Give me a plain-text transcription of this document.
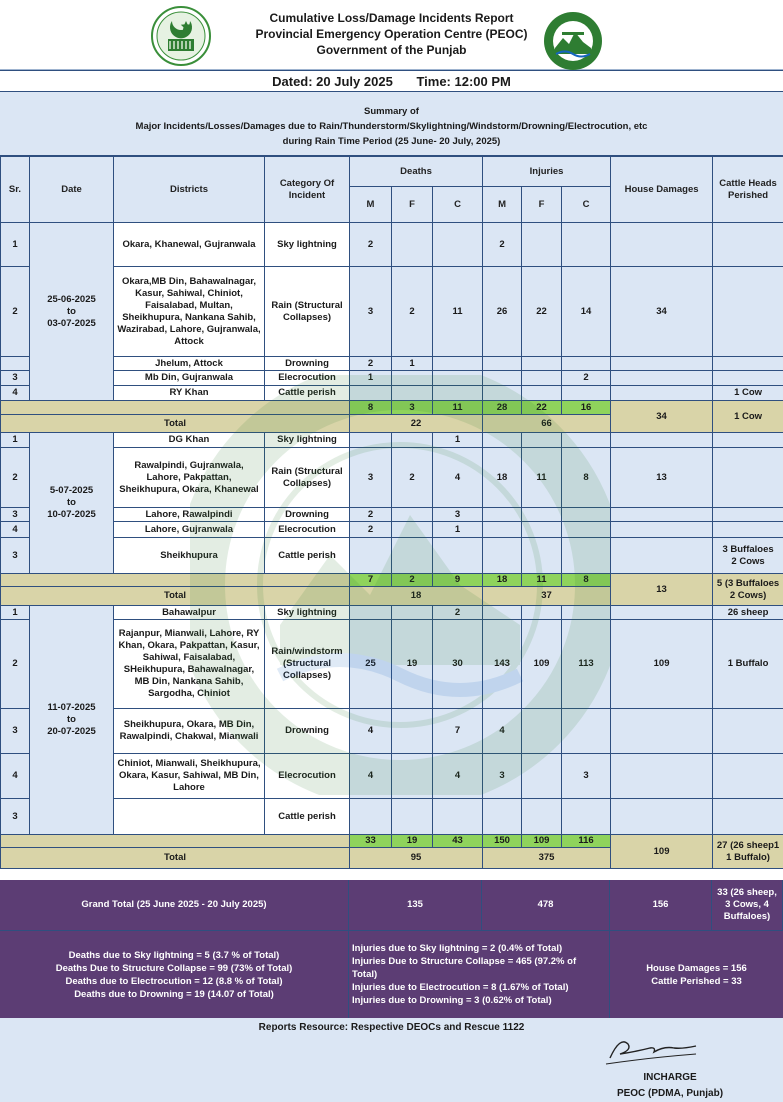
Cumulative Loss/Damage Incidents Report
Provincial Emergency Operation Centre (PEOC)
Government of the Punjab
Dated: 20 July 2025 Time: 12:00 PM
Summary of
Major Incidents/Losses/Damages due to Rain/Thunderstorm/Skylightning/Windstorm/Drowning/Electrocution, etc
during Rain Time Period (25 June- 20 July, 2025)
Sr.	Date	Districts	Category Of Incident	Deaths			Injuries			House Damages	Cattle Heads Perished
				M	F	C	M	F	C		
1	25-06-2025
to
03-07-2025	Okara, Khanewal, Gujranwala	Sky lightning	2			2				
2		Okara,MB Din, Bahawalnagar, Kasur, Sahiwal, Chiniot, Faisalabad, Multan, Sheikhupura, Nankana Sahib, Wazirabad, Lahore, Gujranwala, Attock	Rain (Structural Collapses)	3	2	11	26	22	14	34	
		Jhelum, Attock	Drowning	2	1						
3		Mb Din, Gujranwala	Elecrocution	1					2		
4		RY Khan	Cattle perish								1 Cow
				8	3	11	28	22	16	34	1 Cow
Total				22			66				
1	5-07-2025
to
10-07-2025	DG Khan	Sky lightning			1					
2		Rawalpindi, Gujranwala, Lahore, Pakpattan, Sheikhupura, Okara, Khanewal	Rain (Structural Collapses)	3	2	4	18	11	8	13	
3		Lahore, Rawalpindi	Drowning	2		3					
4		Lahore, Gujranwala	Elecrocution	2		1					
3		Sheikhupura	Cattle perish								3 Buffaloes
2 Cows
				7	2	9	18	11	8	13	5 (3 Buffaloes
2 Cows)
Total				18			37				
1	11-07-2025
to
20-07-2025	Bahawalpur	Sky lightning			2					26 sheep
2		Rajanpur, Mianwali, Lahore, RY Khan, Okara, Pakpattan, Kasur, Sahiwal, Faisalabad, SHeikhupura, Bahawalnagar, MB Din, Nankana Sahib, Sargodha, Chiniot	Rain/windstorm (Structural Collapses)	25	19	30	143	109	113	109	1 Buffalo
3		Sheikhupura, Okara, MB Din, Rawalpindi, Chakwal, Mianwali	Drowning	4		7	4				
4		Chiniot, Mianwali, Sheikhupura, Okara, Kasur, Sahiwal, MB Din, Lahore	Elecrocution	4		4	3		3		
3			Cattle perish								
				33	19	43	150	109	116	109	27 (26 sheep1
1 Buffalo)
Total				95			375				
Grand Total (25 June 2025 - 20 July 2025)	135	478	156
33 (26 sheep,
3 Cows, 4
Buffaloes)
Deaths due to Sky lightning = 5 (3.7 % of Total)
Deaths Due to Structure Collapse = 99 (73% of Total)
Deaths due to Electrocution = 12 (8.8 % of Total)
Deaths due to Drowning = 19 (14.07 of Total)
Injuries due to Sky lightning = 2 (0.4% of Total)
Injuries Due to Structure Collapse = 465 (97.2% of Total)
Injuries due to Electrocution = 8 (1.67% of Total)
Injuries due to Drowning = 3 (0.62% of Total)
House Damages = 156
Cattle Perished = 33
Reports Resource: Respective DEOCs and Rescue 1122
INCHARGE
PEOC (PDMA, Punjab)
